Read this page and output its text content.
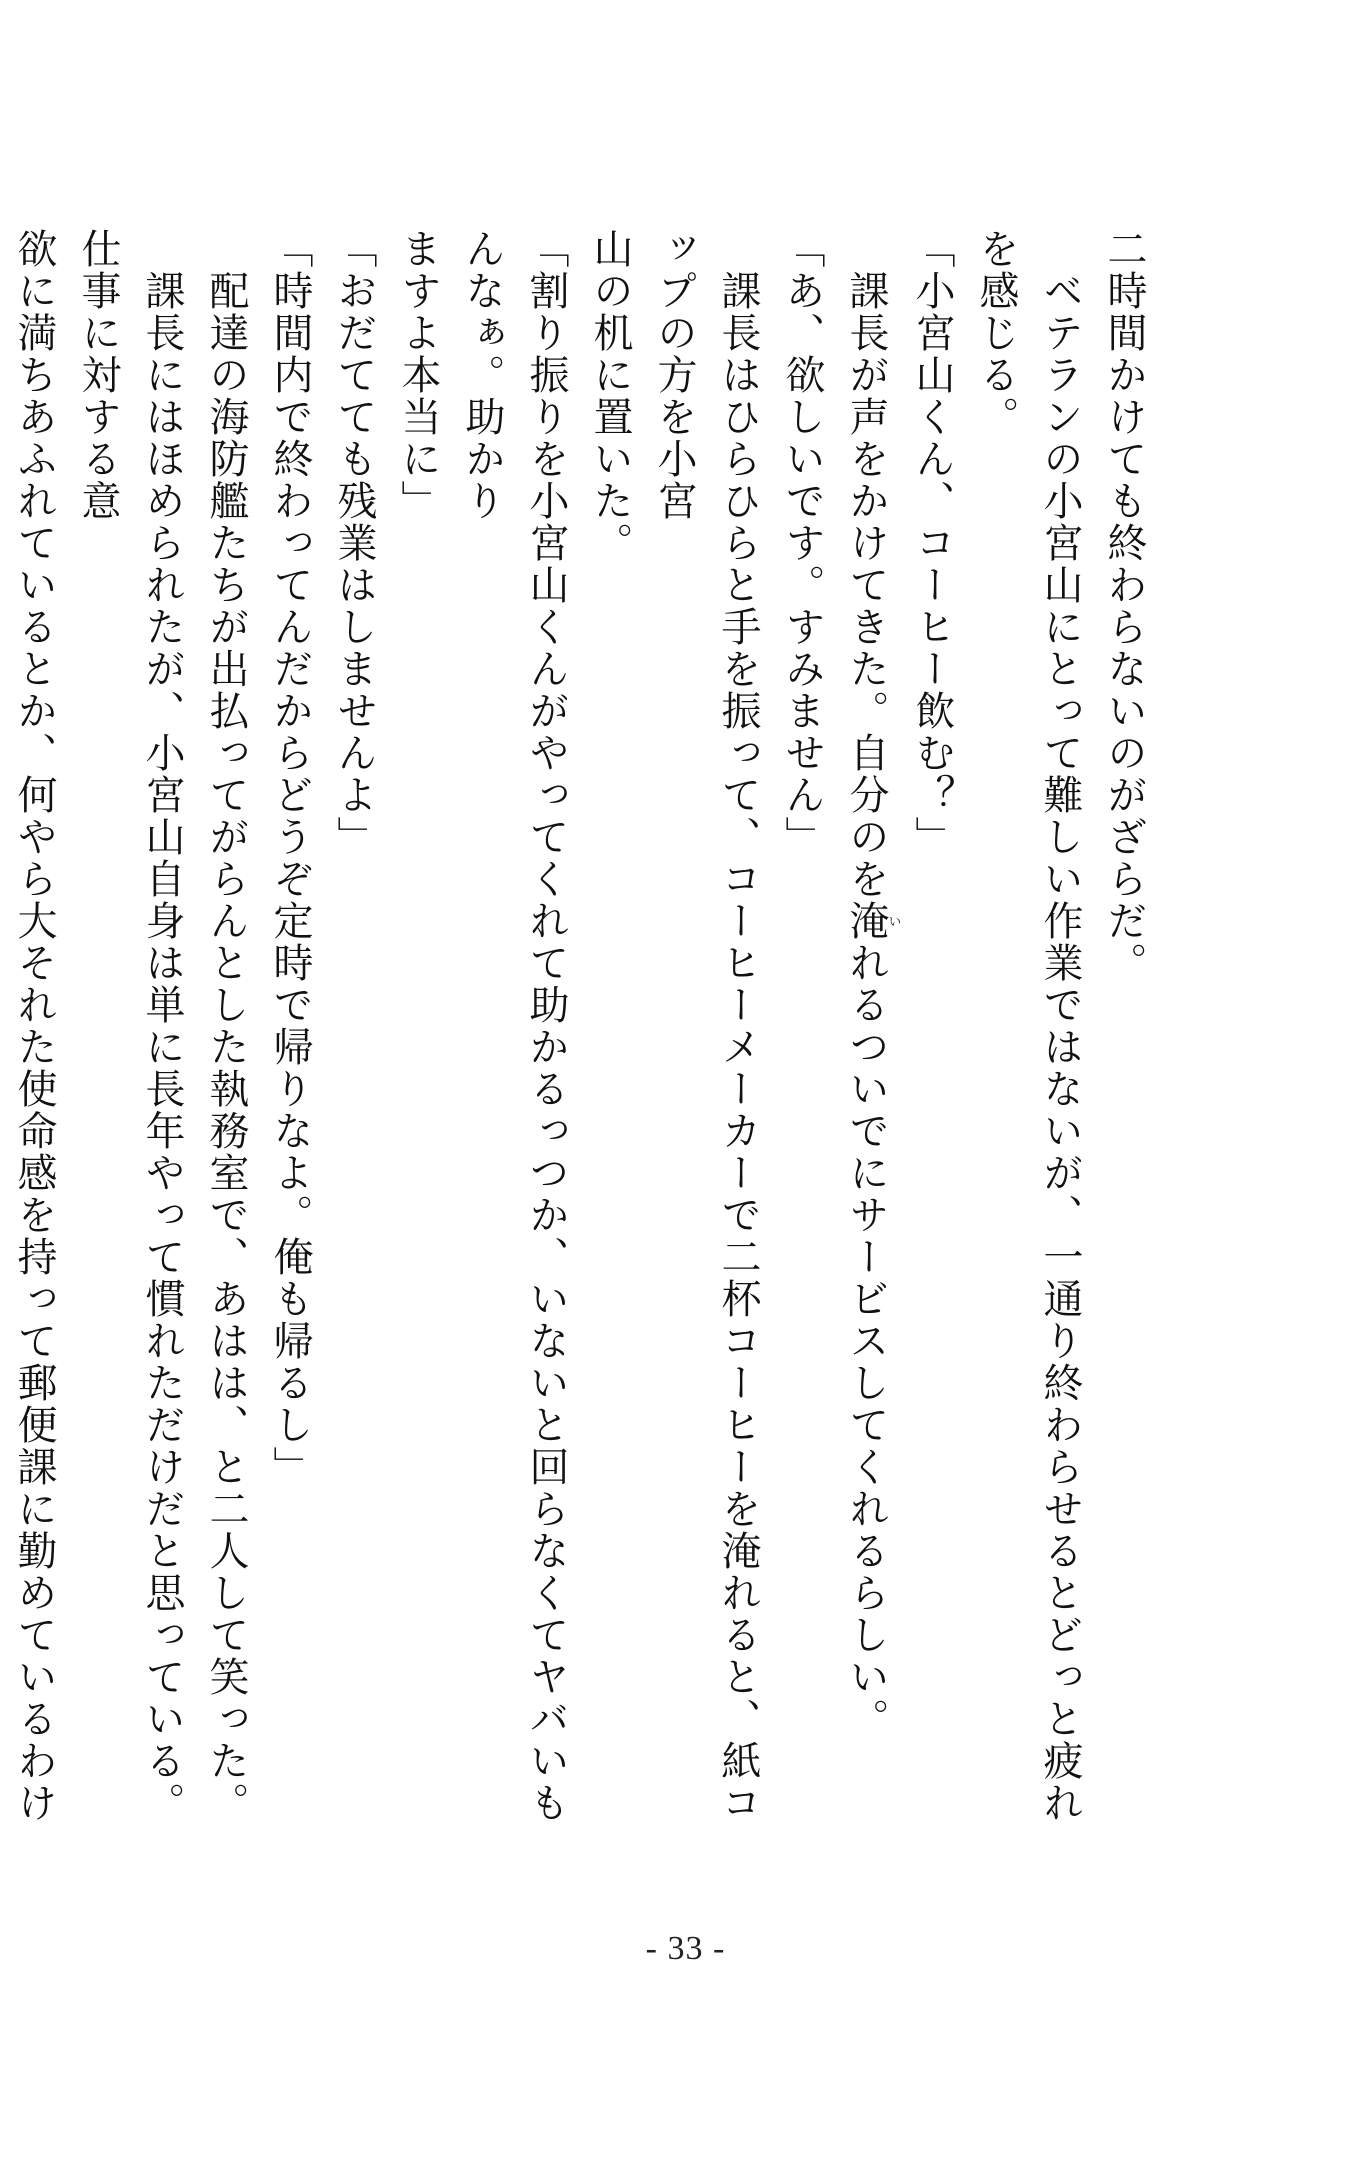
二時間かけても終わらないのがざらだ。

　ベテランの小宮山にとって難しい作業ではないが、一通り終わらせるとどっと疲れを感じる。

「小宮山くん、コーヒー飲む？」

　課長が声をかけてきた。自分のを淹いれるついでにサービスしてくれるらしい。

「あ、欲しいです。すみません」

　課長はひらひらと手を振って、コーヒーメーカーで二杯コーヒーを淹れると、紙コップの方を小宮

山の机に置いた。

「割り振りを小宮山くんがやってくれて助かるっつか、いないと回らなくてヤバいもんなぁ。助かり

ますよ本当に」

「おだてても残業はしませんよ」

「時間内で終わってんだからどうぞ定時で帰りなよ。俺も帰るし」

　配達の海防艦たちが出払ってがらんとした執務室で、あはは、と二人して笑った。

　課長にはほめられたが、小宮山自身は単に長年やって慣れただけだと思っている。仕事に対する意

欲に満ちあふれているとか、何やら大それた使命感を持って郵便課に勤めているわけ

- 33 -
